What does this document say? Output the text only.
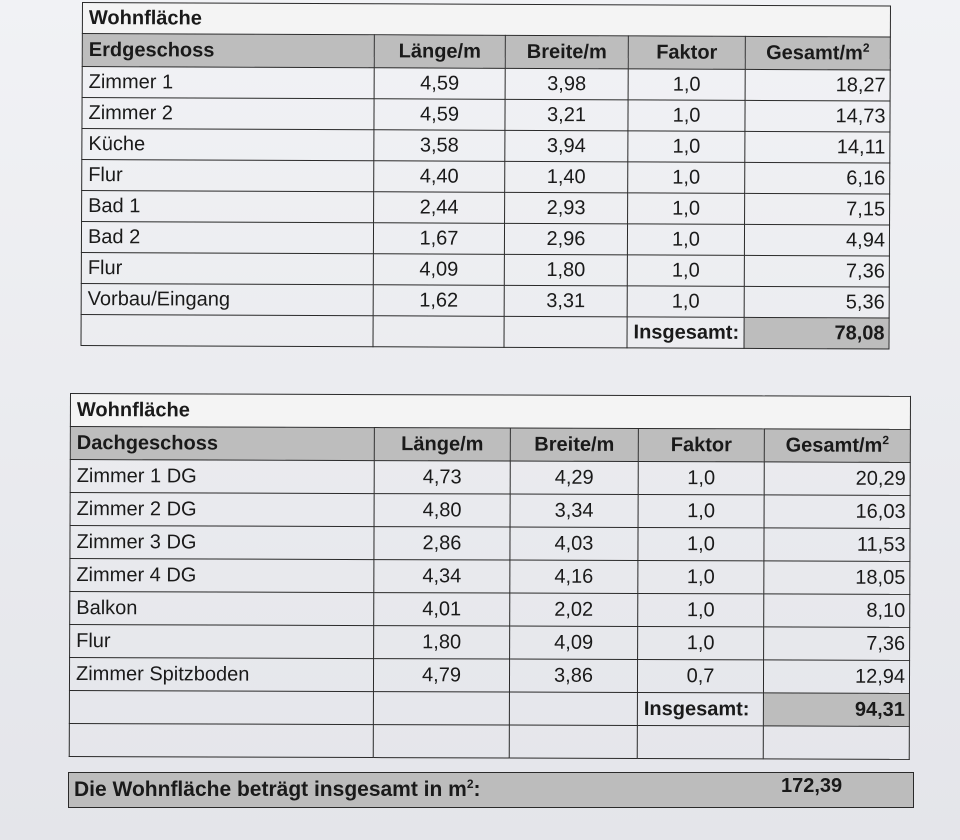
Wohnfläche				
Erdgeschoss	Länge/m	Breite/m	Faktor	Gesamt/$m^2$
Zimmer 1	4,59	3,98	1,0	18,27
Zimmer 2	4,59	3,21	1,0	14,73
Küche	3,58	3,94	1,0	14,11
Flur	4,40	1,40	1,0	6,16
Bad 1	2,44	2,93	1,0	7,15
Bad 2	1,67	2,96	1,0	4,94
Flur	4,09	1,80	1,0	7,36
Vorbau/Eingang	1,62	3,31	1,0	5,36
			Insgesamt:	78,08
Wohnfläche				
Dachgeschoss	Länge/m	Breite/m	Faktor	Gesamt/$m^2$
Zimmer 1 DG	4,73	4,29	1,0	20,29
Zimmer 2 DG	4,80	3,34	1,0	16,03
Zimmer 3 DG	2,86	4,03	1,0	11,53
Zimmer 4 DG	4,34	4,16	1,0	18,05
Balkon	4,01	2,02	1,0	8,10
Flur	1,80	4,09	1,0	7,36
Zimmer Spitzboden	4,79	3,86	0,7	12,94
			Insgesamt:	94,31

Die Wohnfläche beträgt insgesamt in $m^2$:	172,39
